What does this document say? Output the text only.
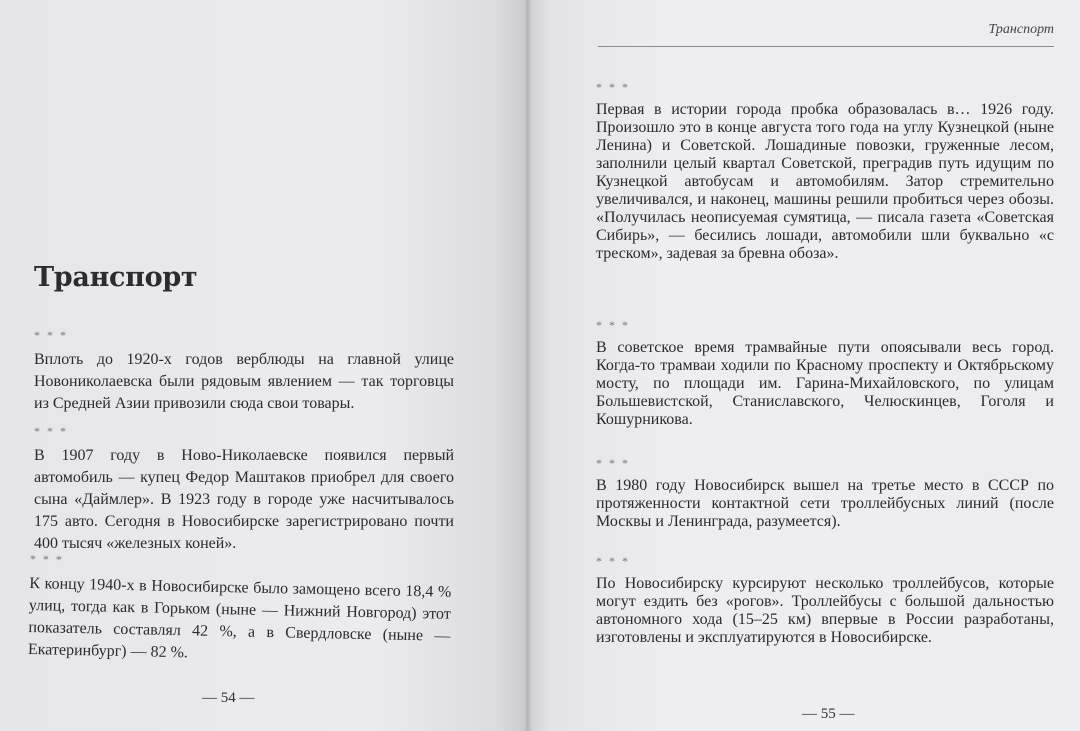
Транспорт
* * *
Вплоть до 1920-х годов верблюды на главной улице Новониколаевска были рядовым явлением — так торговцы из Средней Азии привозили сюда свои товары.
* * *
В 1907 году в Ново-Николаевске появился первый автомобиль — купец Федор Маштаков приобрел для своего сына «Даймлер». В 1923 году в городе уже насчитывалось 175 авто. Сегодня в Новосибирске зарегистрировано почти 400 тысяч «железных коней».
* * *
К концу 1940-х в Новосибирске было замощено всего 18,4 % улиц, тогда как в Горьком (ныне — Нижний Новгород) этот показатель составлял 42 %, а в Свердловске (ныне — Екатеринбург) — 82 %.
— 54 —
Транспорт
* * *
Первая в истории города пробка образовалась в… 1926 году. Произошло это в конце августа того года на углу Кузнецкой (ныне Ленина) и Советской. Лошадиные повозки, груженные лесом, заполнили целый квартал Советской, преградив путь идущим по Кузнецкой автобусам и автомобилям. Затор стремительно увеличивался, и наконец, машины решили пробиться через обозы. «Получилась неописуемая сумятица, — писала газета «Советская Сибирь», — бесились лошади, автомобили шли буквально «с треском», задевая за бревна обоза».
* * *
В советское время трамвайные пути опоясывали весь город. Когда-то трамваи ходили по Красному проспекту и Октябрьскому мосту, по площади им. Гарина-Михайловского, по улицам Большевистской, Станиславского, Челюскинцев, Гоголя и Кошурникова.
* * *
В 1980 году Новосибирск вышел на третье место в СССР по протяженности контактной сети троллейбусных линий (после Москвы и Ленинграда, разумеется).
* * *
По Новосибирску курсируют несколько троллейбусов, которые могут ездить без «рогов». Троллейбусы с большой дальностью автономного хода (15–25 км) впервые в России разработаны, изготовлены и эксплуатируются в Новосибирске.
— 55 —
